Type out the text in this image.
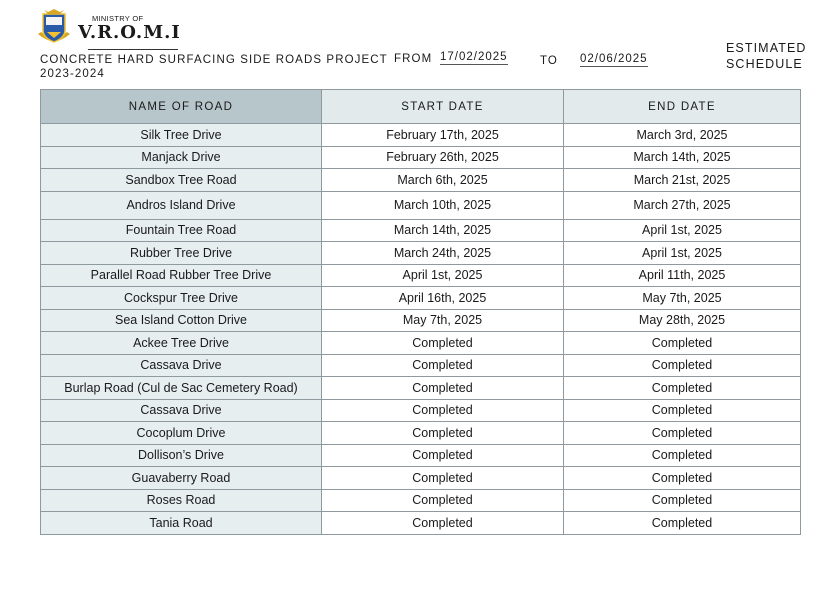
MINISTRY OF
V.R.O.M.I
CONCRETE HARD SURFACING SIDE ROADS PROJECT 2023-2024
FROM 17/02/2025	TO 02/06/2025
ESTIMATED
SCHEDULE
NAME OF ROAD	START DATE	END DATE
Silk Tree Drive	February 17th, 2025	March 3rd, 2025
Manjack Drive	February 26th, 2025	March 14th, 2025
Sandbox Tree Road	March 6th, 2025	March 21st, 2025
Andros Island Drive	March 10th, 2025	March 27th, 2025
Fountain Tree Road	March 14th, 2025	April 1st, 2025
Rubber Tree Drive	March 24th, 2025	April 1st, 2025
Parallel Road Rubber Tree Drive	April 1st, 2025	April 11th, 2025
Cockspur Tree Drive	April 16th, 2025	May 7th, 2025
Sea Island Cotton Drive	May 7th, 2025	May 28th, 2025
Ackee Tree Drive	Completed	Completed
Cassava Drive	Completed	Completed
Burlap Road (Cul de Sac Cemetery Road)	Completed	Completed
Cassava Drive	Completed	Completed
Cocoplum Drive	Completed	Completed
Dollison’s Drive	Completed	Completed
Guavaberry Road	Completed	Completed
Roses Road	Completed	Completed
Tania Road	Completed	Completed
